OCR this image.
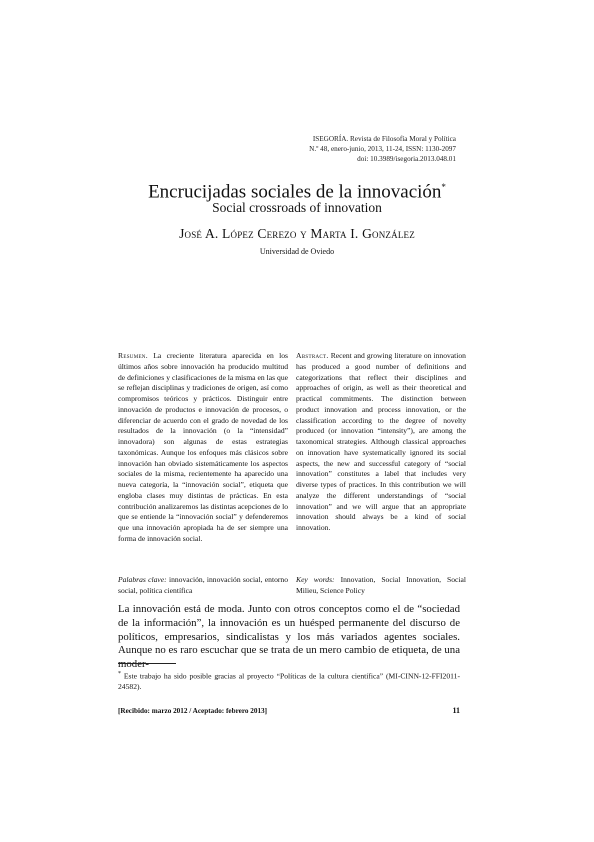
ISEGORÍA. Revista de Filosofía Moral y Política
N.º 48, enero-junio, 2013, 11-24, ISSN: 1130-2097
doi: 10.3989/isegoria.2013.048.01
Encrucijadas sociales de la innovación*
Social crossroads of innovation
José A. López Cerezo y Marta I. González
Universidad de Oviedo
Resumen. La creciente literatura aparecida en los últimos años sobre innovación ha producido multitud de definiciones y clasificaciones de la misma en las que se reflejan disciplinas y tradiciones de origen, así como compromisos teóricos y prácticos. Distinguir entre innovación de productos e innovación de procesos, o diferenciar de acuerdo con el grado de novedad de los resultados de la innovación (o la “intensidad” innovadora) son algunas de estas estrategias taxonómicas. Aunque los enfoques más clásicos sobre innovación han obviado sistemáticamente los aspectos sociales de la misma, recientemente ha aparecido una nueva categoría, la “innovación social”, etiqueta que engloba clases muy distintas de prácticas. En esta contribución analizaremos las distintas acepciones de lo que se entiende la “innovación social” y defenderemos que una innovación apropiada ha de ser siempre una forma de innovación social.
Abstract. Recent and growing literature on innovation has produced a good number of definitions and categorizations that reflect their disciplines and approaches of origin, as well as their theoretical and practical commitments. The distinction between product innovation and process innovation, or the classification according to the degree of novelty produced (or innovation “intensity”), are among the taxonomical strategies. Although classical approaches on innovation have systematically ignored its social aspects, the new and successful category of “social innovation” constitutes a label that includes very diverse types of practices. In this contribution we will analyze the different understandings of “social innovation” and we will argue that an appropriate innovation should always be a kind of social innovation.
Palabras clave: innovación, innovación social, entorno social, política científica
Key words: Innovation, Social Innovation, Social Milieu, Science Policy
La innovación está de moda. Junto con otros conceptos como el de “sociedad de la información”, la innovación es un huésped permanente del discurso de políticos, empresarios, sindicalistas y los más variados agentes sociales. Aunque no es raro escuchar que se trata de un mero cambio de etiqueta, de una moder-
* Este trabajo ha sido posible gracias al proyecto “Políticas de la cultura científica” (MI-CINN-12-FFI2011-24582).
[Recibido: marzo 2012 / Aceptado: febrero 2013]	11
